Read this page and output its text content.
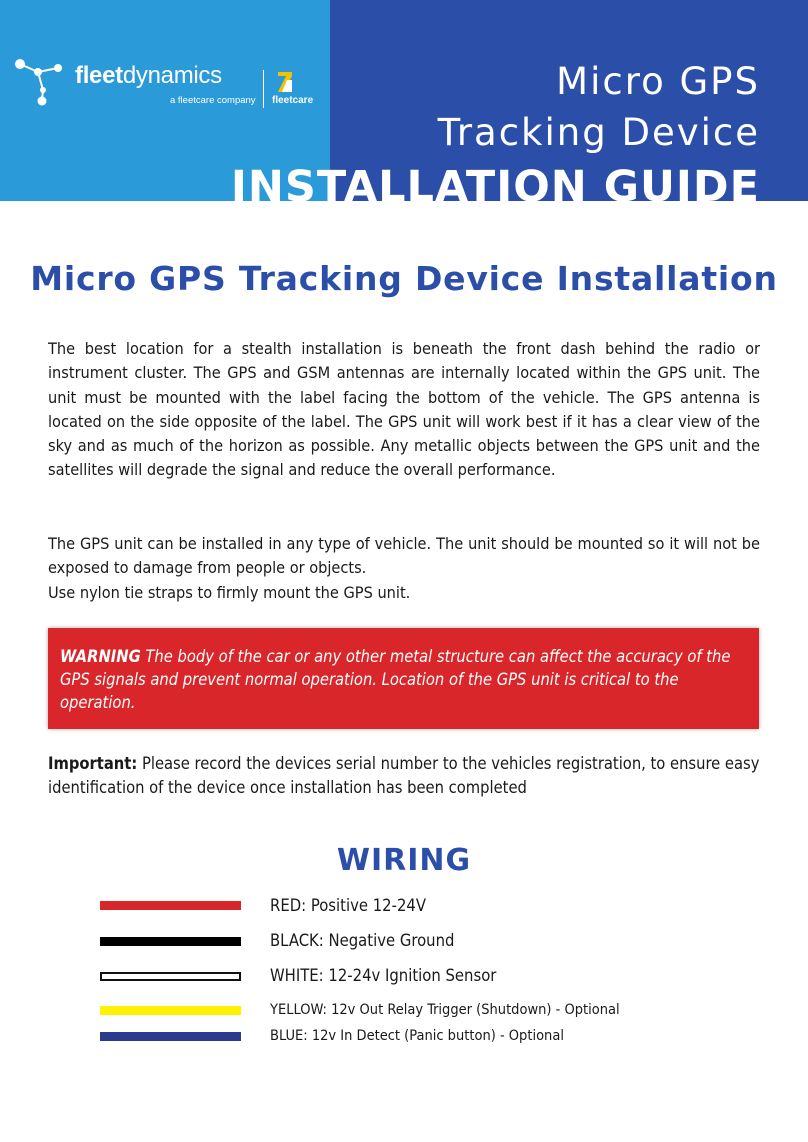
fleetdynamics
a fleetcare company fleetcare	Micro GPS
Tracking Device
INSTALLATION GUIDE
Micro GPS Tracking Device Installation

The best location for a stealth installation is beneath the front dash behind the radio or instrument cluster. The GPS and GSM antennas are internally located within the GPS unit. The unit must be mounted with the label facing the bottom of the vehicle. The GPS antenna is located on the side opposite of the label. The GPS unit will work best if it has a clear view of the sky and as much of the horizon as possible. Any metallic objects between the GPS unit and the satellites will degrade the signal and reduce the overall performance.

The GPS unit can be installed in any type of vehicle. The unit should be mounted so it will not be exposed to damage from people or objects.
Use nylon tie straps to firmly mount the GPS unit.

WARNING The body of the car or any other metal structure can affect the accuracy of the GPS signals and prevent normal operation. Location of the GPS unit is critical to the operation.

Important: Please record the devices serial number to the vehicles registration, to ensure easy identification of the device once installation has been completed

WIRING
RED: Positive 12-24V
BLACK: Negative Ground
WHITE: 12-24v Ignition Sensor
YELLOW: 12v Out Relay Trigger (Shutdown) - Optional
BLUE: 12v In Detect (Panic button) - Optional
